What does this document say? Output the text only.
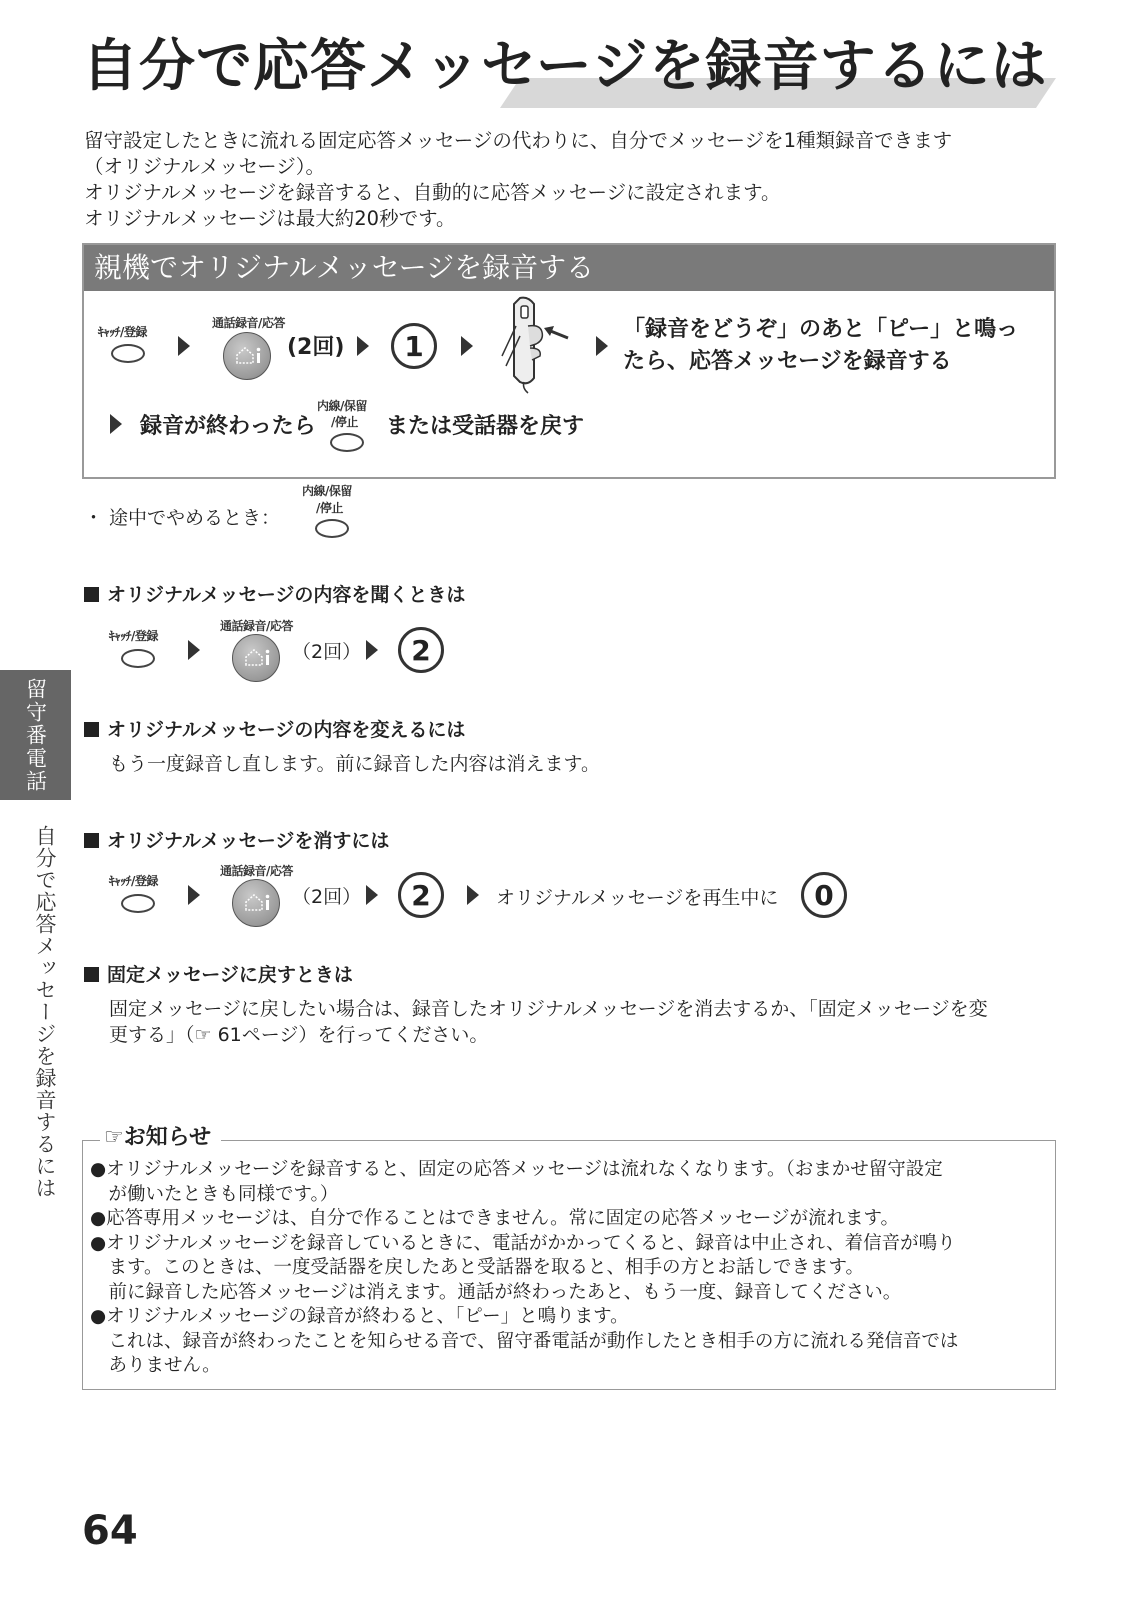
自分で応答メッセージを録音するには
留守設定したときに流れる固定応答メッセージの代わりに、自分でメッセージを1種類録音できます
（オリジナルメッセージ）。
オリジナルメッセージを録音すると、自動的に応答メッセージに設定されます。
オリジナルメッセージは最大約20秒です。
親機でオリジナルメッセージを録音する
ｷｬｯﾁ/登録
通話録音/応答
(2回)	1	「録音をどうぞ」のあと「ピー」と鳴っ
たら、応答メッセージを録音する
録音が終わったら
内線/保留
/停止 または受話器を戻す
・ 途中でやめるとき：
内線/保留
/停止
オリジナルメッセージの内容を聞くときは
ｷｬｯﾁ/登録
通話録音/応答
（2回）	2
オリジナルメッセージの内容を変えるには
もう一度録音し直します。前に録音した内容は消えます。
オリジナルメッセージを消すには
ｷｬｯﾁ/登録
通話録音/応答
（2回）	2	オリジナルメッセージを再生中に	0
固定メッセージに戻すときは
固定メッセージに戻したい場合は、録音したオリジナルメッセージを消去するか、「固定メッセージを変
更する」（☞ 61ページ）を行ってください。
留守番電話
自分で応答メッセージを録音するには ☞お知らせ
●オリジナルメッセージを録音すると、固定の応答メッセージは流れなくなります。（おまかせ留守設定
　が働いたときも同様です。）
●応答専用メッセージは、自分で作ることはできません。常に固定の応答メッセージが流れます。
●オリジナルメッセージを録音しているときに、電話がかかってくると、録音は中止され、着信音が鳴り
　ます。このときは、一度受話器を戻したあと受話器を取ると、相手の方とお話しできます。
　前に録音した応答メッセージは消えます。通話が終わったあと、もう一度、録音してください。
●オリジナルメッセージの録音が終わると、「ピー」と鳴ります。
　これは、録音が終わったことを知らせる音で、留守番電話が動作したとき相手の方に流れる発信音では
　ありません。
64
